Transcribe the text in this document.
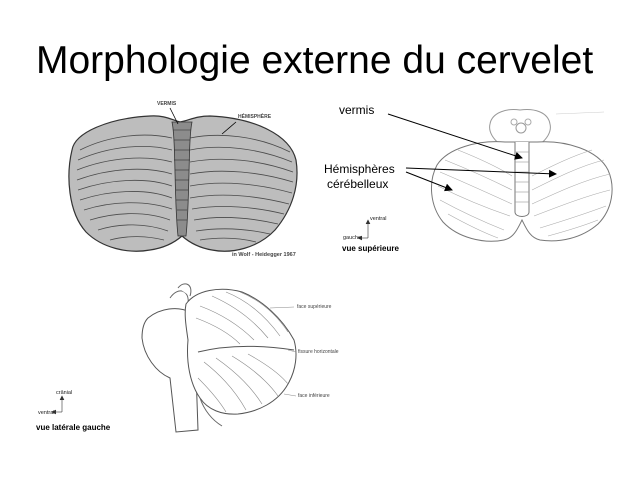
Morphologie externe du cervelet
VERMIS
HÉMISPHÈRE
in Wolf - Heidegger 1967
vermis
Hémisphères
cérébelleux
ventral
gauche
vue supérieure
face supérieure
fissure horizontale
face inférieure
crânial
ventral
vue latérale gauche
